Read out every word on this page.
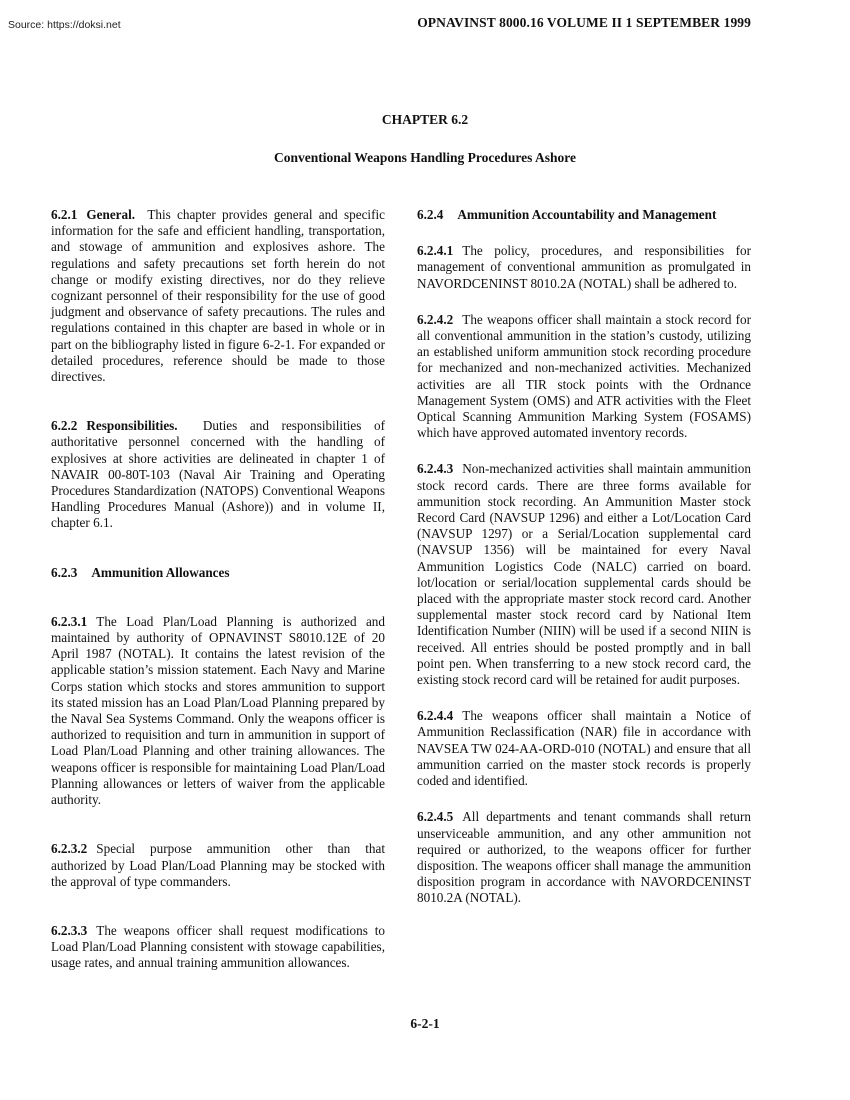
Source: https://doksi.net	OPNAVINST 8000.16 VOLUME II 1 SEPTEMBER 1999
CHAPTER 6.2
Conventional Weapons Handling Procedures Ashore

6.2.1 General. This chapter provides general and specific information for the safe and efficient handling, transportation, and stowage of ammunition and explosives ashore. The regulations and safety precautions set forth herein do not change or modify existing directives, nor do they relieve cognizant personnel of their responsibility for the use of good judgment and observance of safety precautions. The rules and regulations contained in this chapter are based in whole or in part on the bibliography listed in figure 6-2-1. For expanded or detailed procedures, reference should be made to those directives.

6.2.2 Responsibilities. Duties and responsibilities of authoritative personnel concerned with the handling of explosives at shore activities are delineated in chapter 1 of NAVAIR 00-80T-103 (Naval Air Training and Operating Procedures Standardization (NATOPS) Conventional Weapons Handling Procedures Manual (Ashore)) and in volume II, chapter 6.1.

6.2.3 Ammunition Allowances

6.2.3.1 The Load Plan/Load Planning is authorized and maintained by authority of OPNAVINST S8010.12E of 20 April 1987 (NOTAL). It contains the latest revision of the applicable station’s mission statement. Each Navy and Marine Corps station which stocks and stores ammunition to support its stated mission has an Load Plan/Load Planning prepared by the Naval Sea Systems Command. Only the weapons officer is authorized to requisition and turn in ammunition in support of Load Plan/Load Planning and other training allowances. The weapons officer is responsible for maintaining Load Plan/Load Planning allowances or letters of waiver from the applicable authority.

6.2.3.2 Special purpose ammunition other than that authorized by Load Plan/Load Planning may be stocked with the approval of type commanders.

6.2.3.3 The weapons officer shall request modifications to Load Plan/Load Planning consistent with stowage capabilities, usage rates, and annual training ammunition allowances.

6.2.4 Ammunition Accountability and Management

6.2.4.1 The policy, procedures, and responsibilities for management of conventional ammunition as promulgated in NAVORDCENINST 8010.2A (NOTAL) shall be adhered to.

6.2.4.2 The weapons officer shall maintain a stock record for all conventional ammunition in the station’s custody, utilizing an established uniform ammunition stock recording procedure for mechanized and non-mechanized activities. Mechanized activities are all TIR stock points with the Ordnance Management System (OMS) and ATR activities with the Fleet Optical Scanning Ammunition Marking System (FOSAMS) which have approved automated inventory records.

6.2.4.3 Non-mechanized activities shall maintain ammunition stock record cards. There are three forms available for ammunition stock recording. An Ammunition Master stock Record Card (NAVSUP 1296) and either a Lot/Location Card (NAVSUP 1297) or a Serial/Location supplemental card (NAVSUP 1356) will be maintained for every Naval Ammunition Logistics Code (NALC) carried on board. lot/location or serial/location supplemental cards should be placed with the appropriate master stock record card. Another supplemental master stock record card by National Item Identification Number (NIIN) will be used if a second NIIN is received. All entries should be posted promptly and in ball point pen. When transferring to a new stock record card, the existing stock record card will be retained for audit purposes.

6.2.4.4 The weapons officer shall maintain a Notice of Ammunition Reclassification (NAR) file in accordance with NAVSEA TW 024-AA-ORD-010 (NOTAL) and ensure that all ammunition carried on the master stock records is properly coded and identified.

6.2.4.5 All departments and tenant commands shall return unserviceable ammunition, and any other ammunition not required or authorized, to the weapons officer for further disposition. The weapons officer shall manage the ammunition disposition program in accordance with NAVORDCENINST 8010.2A (NOTAL).

6-2-1
